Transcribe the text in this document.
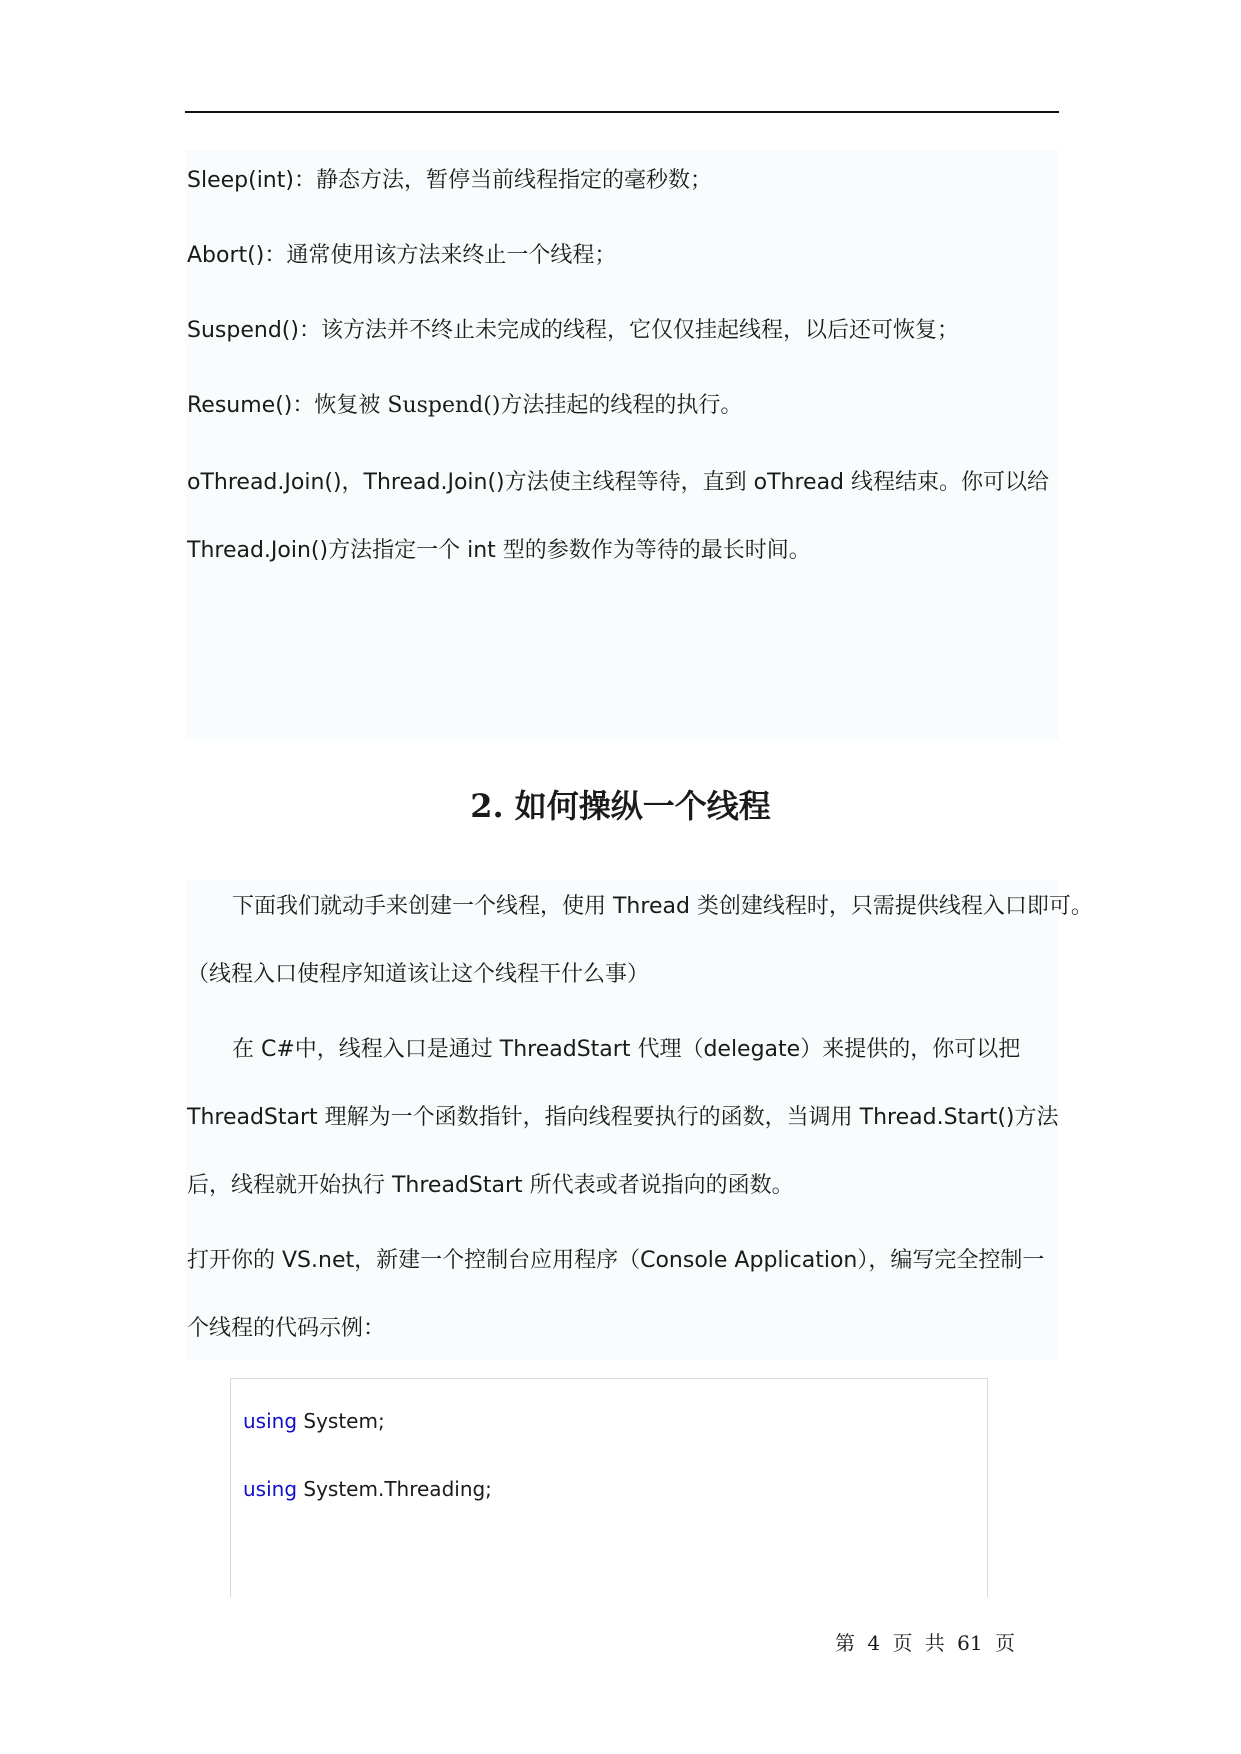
Sleep(int)：静态方法，暂停当前线程指定的毫秒数；
Abort()：通常使用该方法来终止一个线程；
Suspend()：该方法并不终止未完成的线程，它仅仅挂起线程，以后还可恢复；
Resume()：恢复被 Suspend()方法挂起的线程的执行。
oThread.Join()，Thread.Join()方法使主线程等待，直到 oThread 线程结束。你可以给
Thread.Join()方法指定一个 int 型的参数作为等待的最长时间。
2. 如何操纵一个线程
下面我们就动手来创建一个线程，使用 Thread 类创建线程时，只需提供线程入口即可。
（线程入口使程序知道该让这个线程干什么事）
在 C#中，线程入口是通过 ThreadStart 代理（delegate）来提供的，你可以把
ThreadStart 理解为一个函数指针，指向线程要执行的函数，当调用 Thread.Start()方法
后，线程就开始执行 ThreadStart 所代表或者说指向的函数。
打开你的 VS.net，新建一个控制台应用程序（Console Application），编写完全控制一
个线程的代码示例：
using System;
using System.Threading;
第 4 页 共 61 页
